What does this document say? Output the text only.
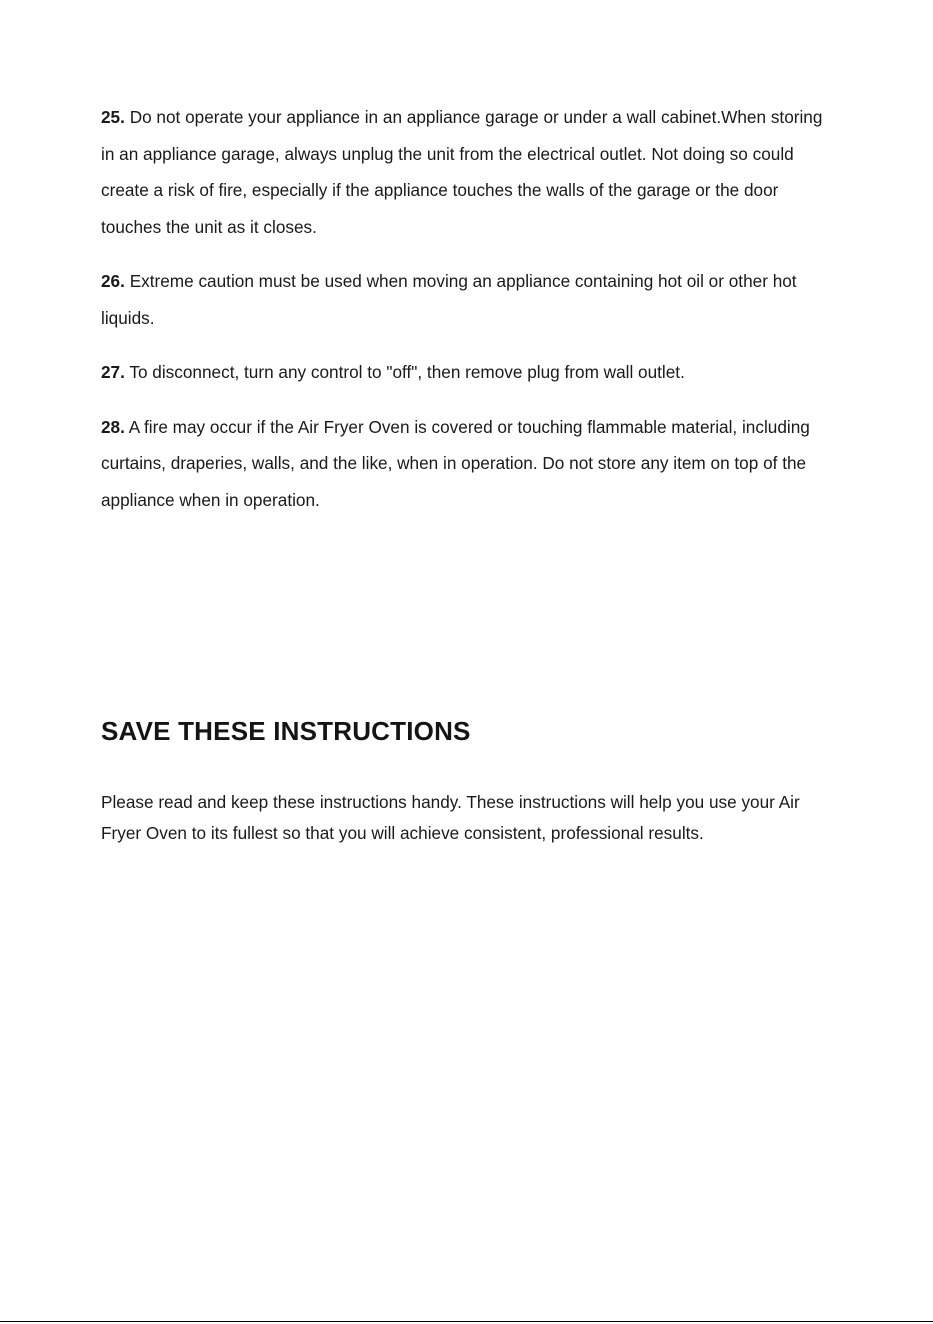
25. Do not operate your appliance in an appliance garage or under a wall cabinet.When storing in an appliance garage, always unplug the unit from the electrical outlet. Not doing so could create a risk of fire, especially if the appliance touches the walls of the garage or the door touches the unit as it closes.

26. Extreme caution must be used when moving an appliance containing hot oil or other hot liquids.

27. To disconnect, turn any control to "off", then remove plug from wall outlet.

28. A fire may occur if the Air Fryer Oven is covered or touching flammable material, including curtains, draperies, walls, and the like, when in operation. Do not store any item on top of the appliance when in operation.

SAVE THESE INSTRUCTIONS

Please read and keep these instructions handy. These instructions will help you use your Air Fryer Oven to its fullest so that you will achieve consistent, professional results.
